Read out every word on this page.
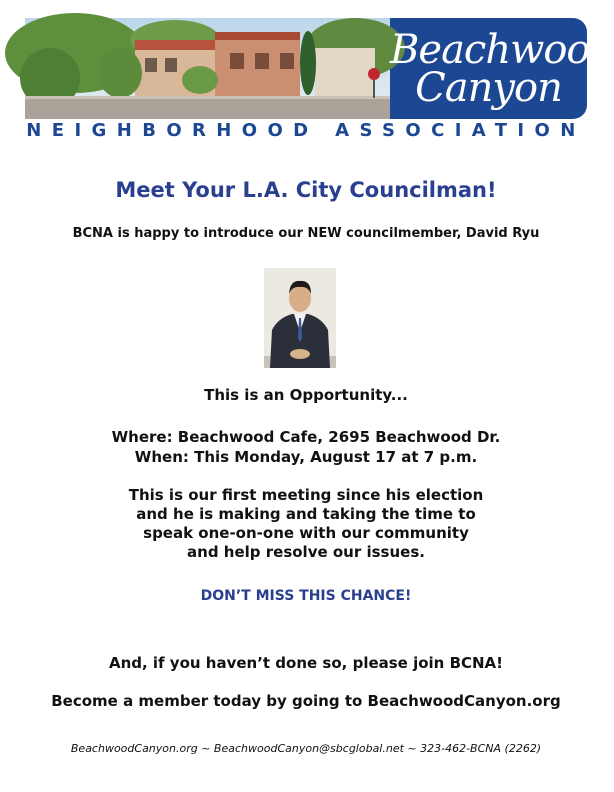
Beachwood
Canyon
NEIGHBORHOOD ASSOCIATION
Meet Your L.A. City Councilman!
BCNA is happy to introduce our NEW councilmember, David Ryu
This is an Opportunity...
Where: Beachwood Cafe, 2695 Beachwood Dr.
When: This Monday, August 17 at 7 p.m.
This is our first meeting since his election
and he is making and taking the time to
speak one-on-one with our community
and help resolve our issues.
DON’T MISS THIS CHANCE!
And, if you haven’t done so, please join BCNA!
Become a member today by going to BeachwoodCanyon.org
BeachwoodCanyon.org ~ BeachwoodCanyon@sbcglobal.net ~ 323-462-BCNA (2262)
